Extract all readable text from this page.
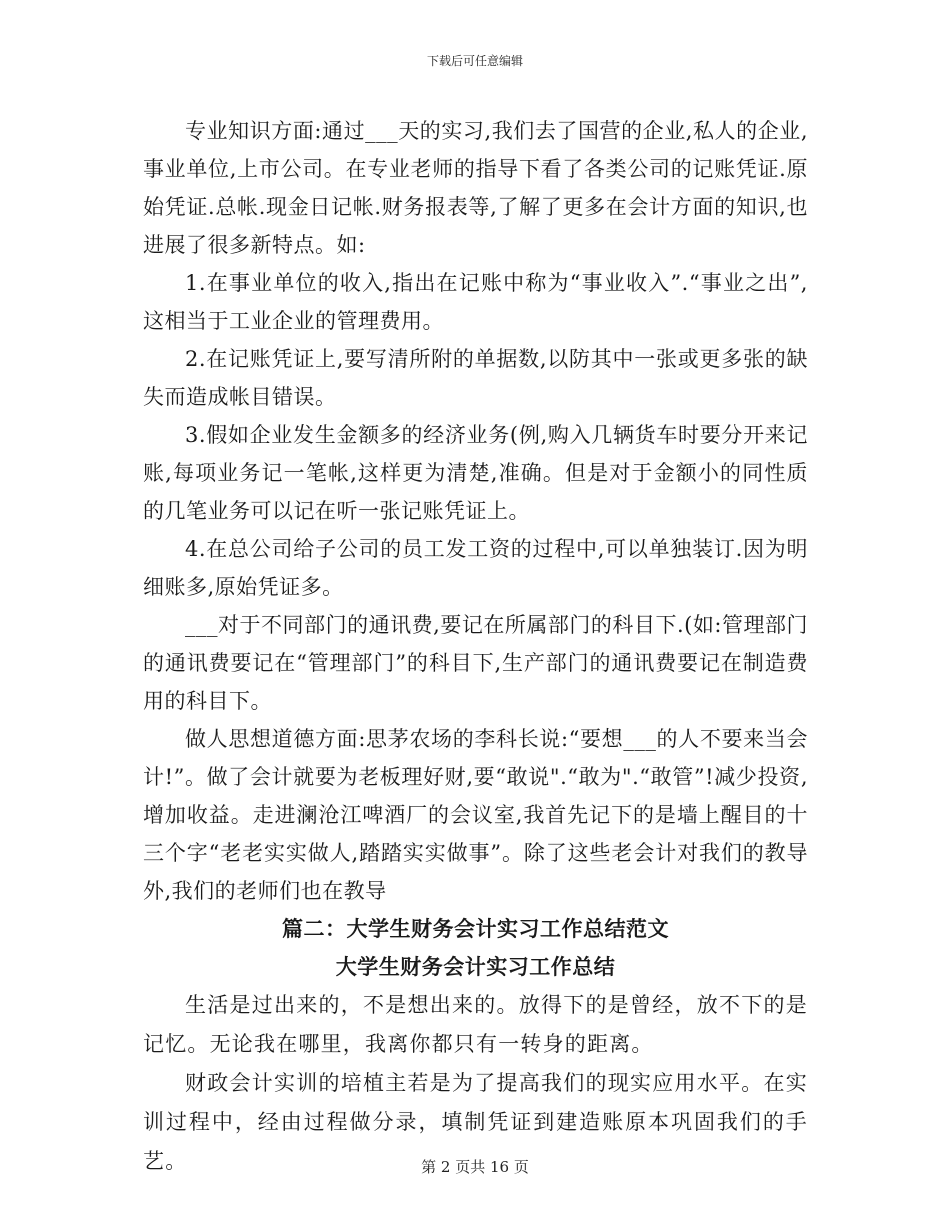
下载后可任意编辑

专业知识方面:通过___天的实习,我们去了国营的企业,私人的企业,事业单位,上市公司。在专业老师的指导下看了各类公司的记账凭证.原始凭证.总帐.现金日记帐.财务报表等,了解了更多在会计方面的知识,也进展了很多新特点。如:

1.在事业单位的收入,指出在记账中称为“事业收入”.“事业之出”,这相当于工业企业的管理费用。

2.在记账凭证上,要写清所附的单据数,以防其中一张或更多张的缺失而造成帐目错误。

3.假如企业发生金额多的经济业务(例,购入几辆货车时要分开来记账,每项业务记一笔帐,这样更为清楚,准确。但是对于金额小的同性质的几笔业务可以记在听一张记账凭证上。

4.在总公司给子公司的员工发工资的过程中,可以单独装订.因为明细账多,原始凭证多。

___对于不同部门的通讯费,要记在所属部门的科目下.(如:管理部门的通讯费要记在“管理部门”的科目下,生产部门的通讯费要记在制造费用的科目下。

做人思想道德方面:思茅农场的李科长说:“要想___的人不要来当会计!”。做了会计就要为老板理好财,要“敢说".“敢为".“敢管”!减少投资,增加收益。走进澜沧江啤酒厂的会议室,我首先记下的是墙上醒目的十三个字“老老实实做人,踏踏实实做事”。除了这些老会计对我们的教导外,我们的老师们也在教导

篇二：大学生财务会计实习工作总结范文
大学生财务会计实习工作总结

生活是过出来的，不是想出来的。放得下的是曾经，放不下的是记忆。无论我在哪里，我离你都只有一转身的距离。

财政会计实训的培植主若是为了提高我们的现实应用水平。在实训过程中，经由过程做分录，填制凭证到建造账原本巩固我们的手艺。	第 2 页共 16 页
